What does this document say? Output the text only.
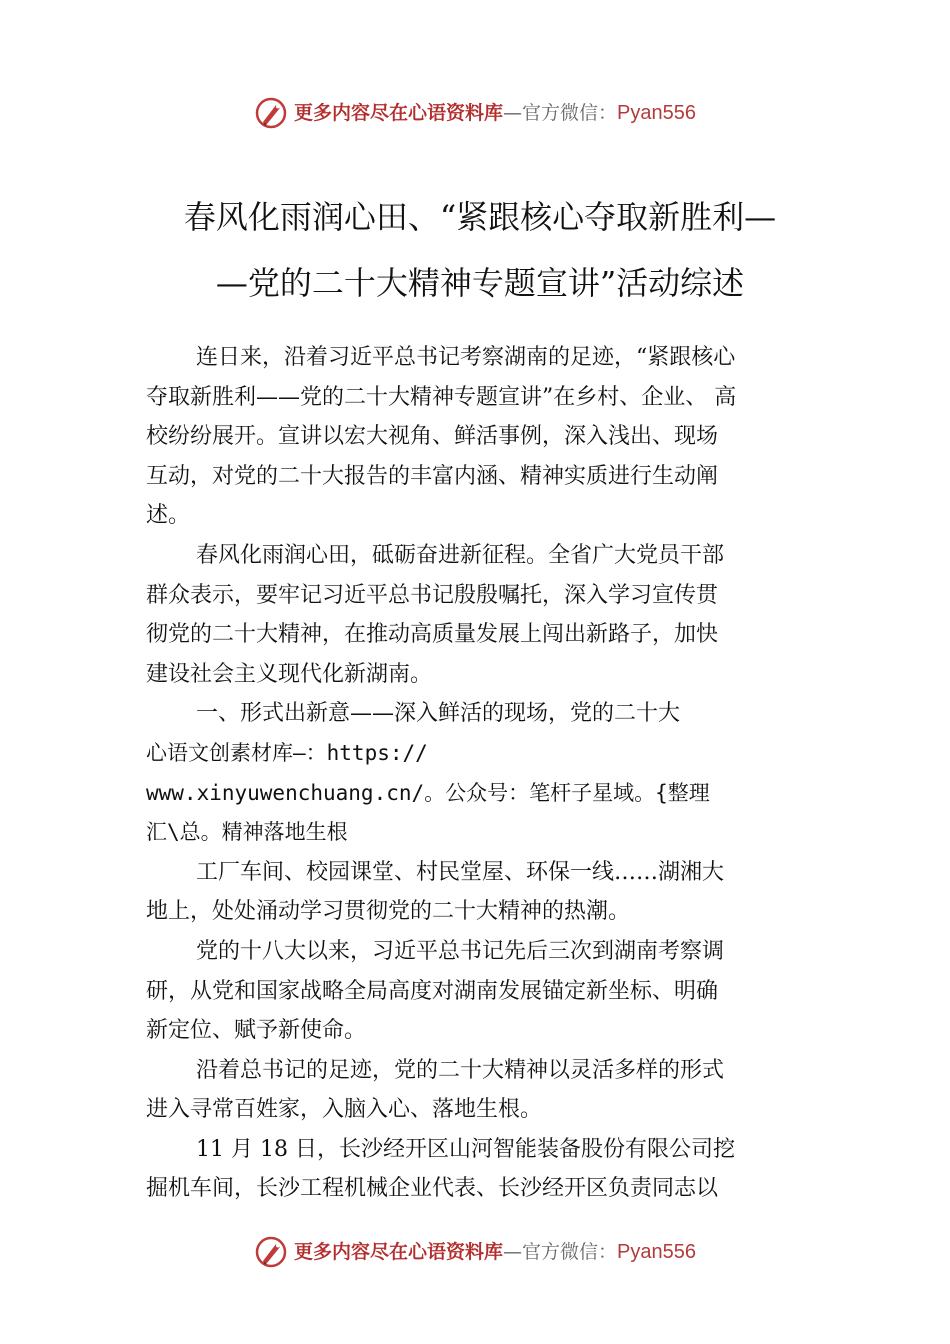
更多内容尽在心语资料库—官方微信：Pyan556
春风化雨润心田、“紧跟核心夺取新胜利—
—党的二十大精神专题宣讲”活动综述
连日来，沿着习近平总书记考察湖南的足迹，“紧跟核心
夺取新胜利——党的二十大精神专题宣讲”在乡村、企业、 高
校纷纷展开。宣讲以宏大视角、鲜活事例，深入浅出、现场
互动，对党的二十大报告的丰富内涵、精神实质进行生动阐
述。
春风化雨润心田，砥砺奋进新征程。全省广大党员干部
群众表示，要牢记习近平总书记殷殷嘱托，深入学习宣传贯
彻党的二十大精神，在推动高质量发展上闯出新路子，加快
建设社会主义现代化新湖南。
一、形式出新意——深入鲜活的现场，党的二十大
心语文创素材库—：https://
www.xinyuwenchuang.cn/。公众号：笔杆子星域。{整理
汇\总。精神落地生根
工厂车间、校园课堂、村民堂屋、环保一线……湖湘大
地上，处处涌动学习贯彻党的二十大精神的热潮。
党的十八大以来，习近平总书记先后三次到湖南考察调
研，从党和国家战略全局高度对湖南发展锚定新坐标、明确
新定位、赋予新使命。
沿着总书记的足迹，党的二十大精神以灵活多样的形式
进入寻常百姓家，入脑入心、落地生根。
11 月 18 日，长沙经开区山河智能装备股份有限公司挖
掘机车间，长沙工程机械企业代表、长沙经开区负责同志以
更多内容尽在心语资料库—官方微信：Pyan556
